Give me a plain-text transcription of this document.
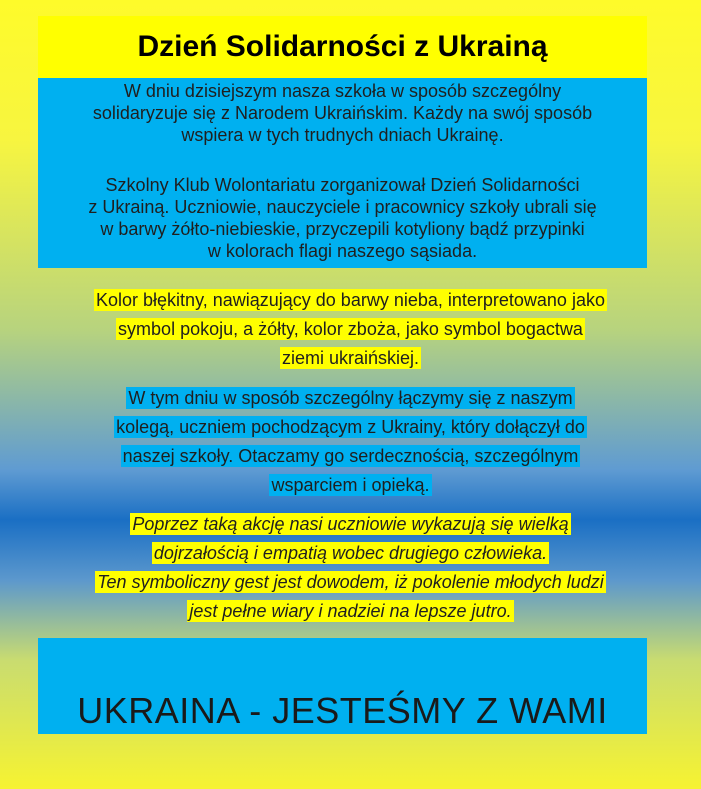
Dzień Solidarności z Ukrainą

W dniu dzisiejszym nasza szkoła w sposób szczególny
solidaryzuje się z Narodem Ukraińskim. Każdy na swój sposób
wspiera w tych trudnych dniach Ukrainę.

Szkolny Klub Wolontariatu zorganizował Dzień Solidarności
z Ukrainą. Uczniowie, nauczyciele i pracownicy szkoły ubrali się
w barwy żółto-niebieskie, przyczepili kotyliony bądź przypinki
w kolorach flagi naszego sąsiada.

Kolor błękitny, nawiązujący do barwy nieba, interpretowano jako
symbol pokoju, a żółty, kolor zboża, jako symbol bogactwa
ziemi ukraińskiej.
W tym dniu w sposób szczególny łączymy się z naszym
kolegą, uczniem pochodzącym z Ukrainy, który dołączył do
naszej szkoły. Otaczamy go serdecznością, szczególnym
wsparciem i opieką.
Poprzez taką akcję nasi uczniowie wykazują się wielką
dojrzałością i empatią wobec drugiego człowieka.
Ten symboliczny gest jest dowodem, iż pokolenie młodych ludzi
jest pełne wiary i nadziei na lepsze jutro.
UKRAINA - JESTEŚMY Z WAMI
